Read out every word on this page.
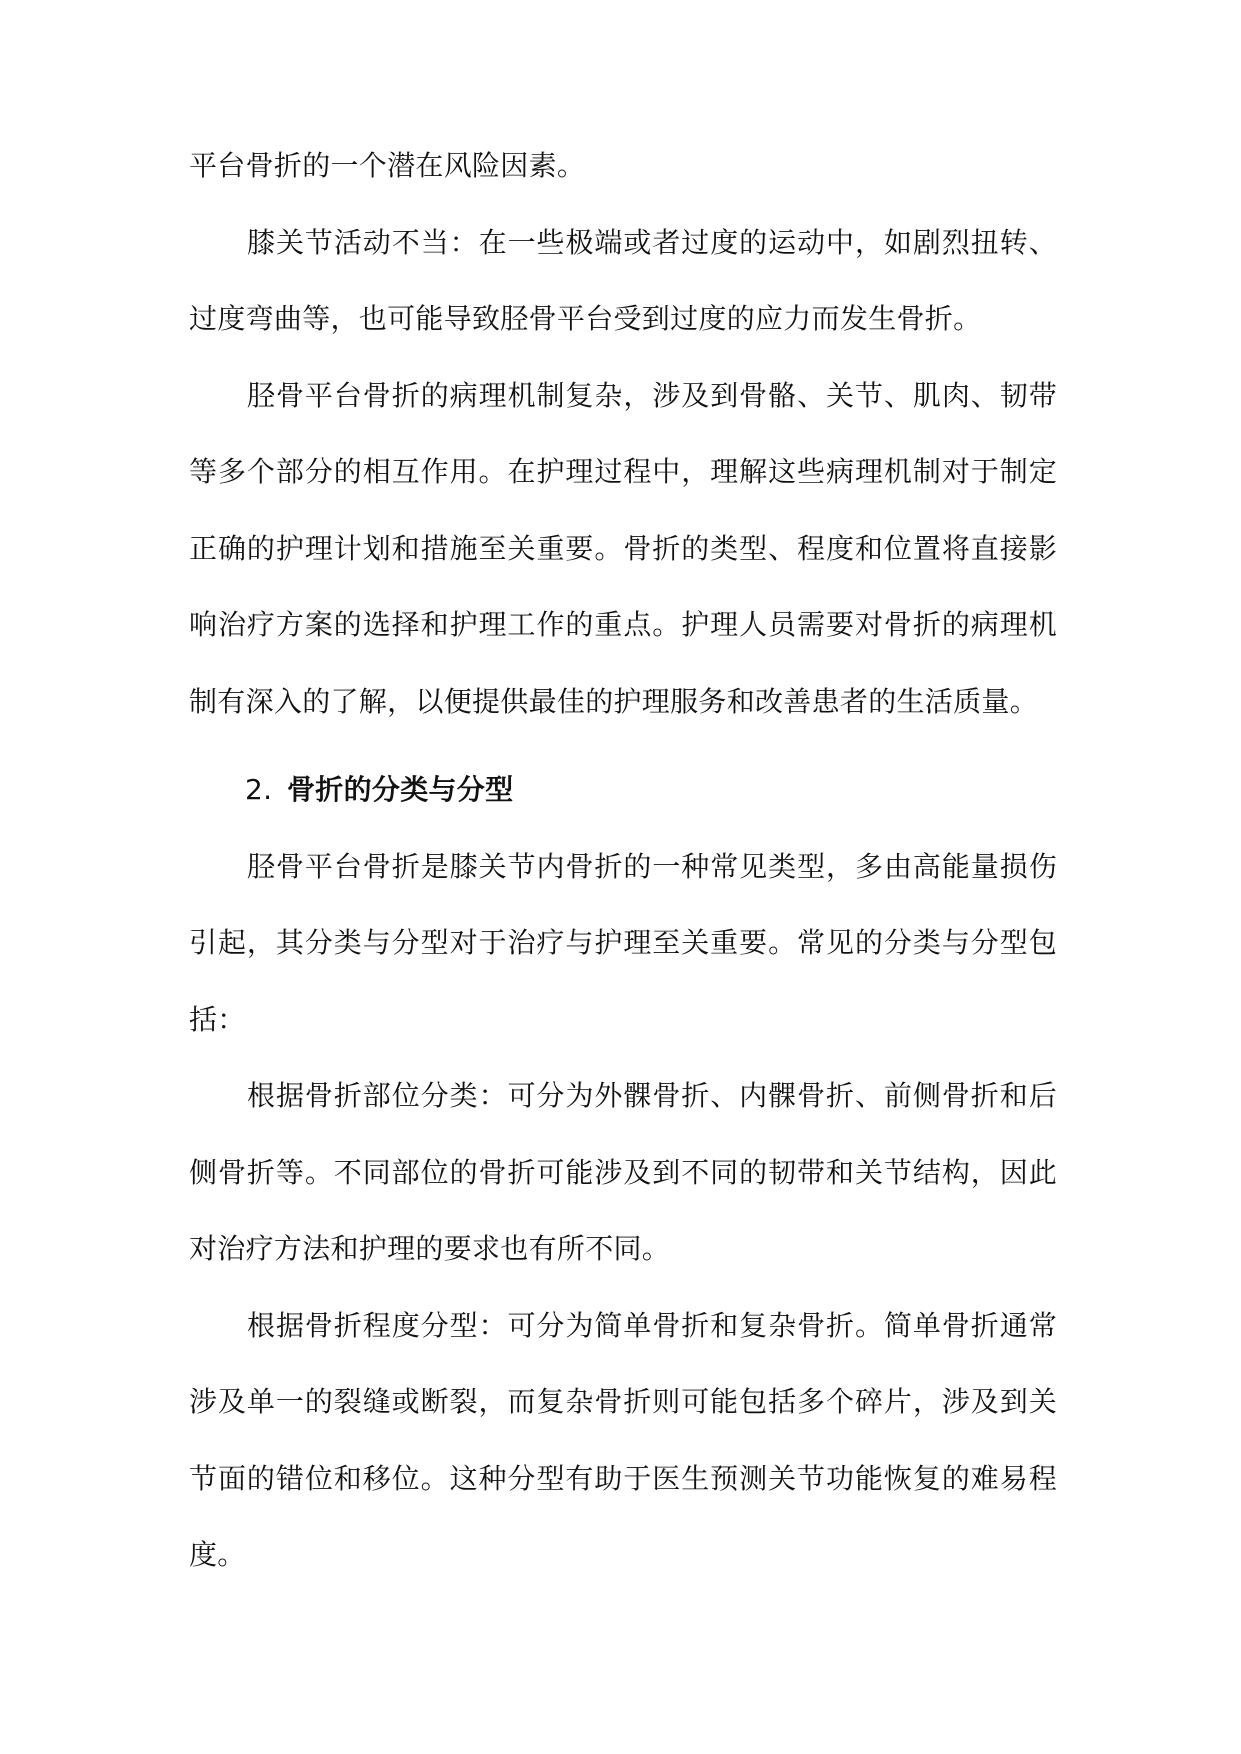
平台骨折的一个潜在风险因素。

膝关节活动不当：在一些极端或者过度的运动中，如剧烈扭转、过度弯曲等，也可能导致胫骨平台受到过度的应力而发生骨折。

胫骨平台骨折的病理机制复杂，涉及到骨骼、关节、肌肉、韧带等多个部分的相互作用。在护理过程中，理解这些病理机制对于制定正确的护理计划和措施至关重要。骨折的类型、程度和位置将直接影响治疗方案的选择和护理工作的重点。护理人员需要对骨折的病理机制有深入的了解，以便提供最佳的护理服务和改善患者的生活质量。

2. 骨折的分类与分型

胫骨平台骨折是膝关节内骨折的一种常见类型，多由高能量损伤引起，其分类与分型对于治疗与护理至关重要。常见的分类与分型包括：

根据骨折部位分类：可分为外髁骨折、内髁骨折、前侧骨折和后侧骨折等。不同部位的骨折可能涉及到不同的韧带和关节结构，因此对治疗方法和护理的要求也有所不同。

根据骨折程度分型：可分为简单骨折和复杂骨折。简单骨折通常涉及单一的裂缝或断裂，而复杂骨折则可能包括多个碎片，涉及到关节面的错位和移位。这种分型有助于医生预测关节功能恢复的难易程度。
